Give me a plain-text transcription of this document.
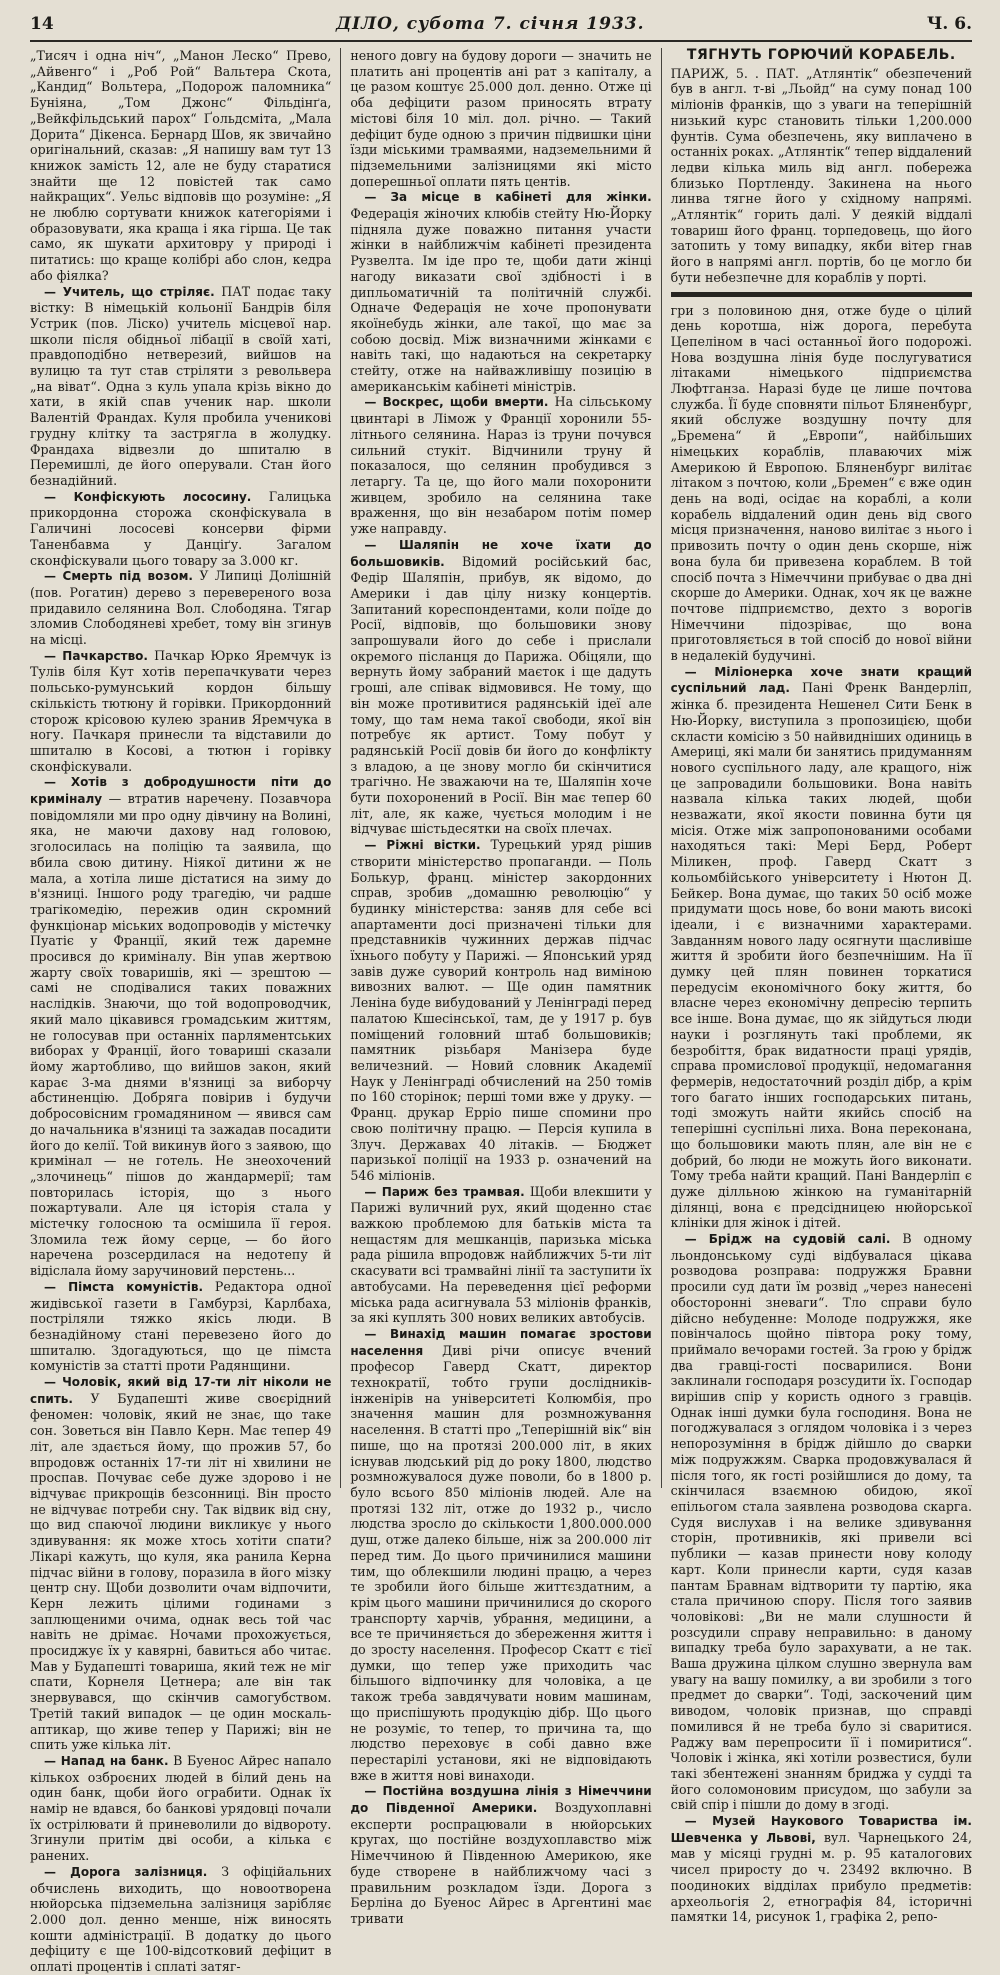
14	ДІЛО, субота 7. січня 1933.	Ч. 6.

„Тисяч і одна ніч“, „Манон Леско“ Прево, „Айвенго“ і „Роб Рой“ Вальтера Скота, „Кандид“ Вольтера, „Подорож паломника“ Буніяна, „Том Джонс“ Фільдінґа, „Вейкфільдський парох“ Ґольдсміта, „Мала Дорита“ Дікенса. Бернард Шов, як звичайно оригінальний, сказав: „Я напишу вам тут 13 книжок замість 12, але не буду старатися знайти ще 12 повістей так само найкращих“. Уельс відповів що розуміне: „Я не люблю сортувати книжок категоріями і образовувати, яка краща і яка гірша. Це так само, як шукати архитовру у природі і питатись: що краще колібрі або слон, кедра або фіялка?

— Учитель, що стріляє. ПАТ подає таку вістку: В німецькій кольонії Бандрів біля Устрик (пов. Ліско) учитель місцевої нар. школи після обідньої лібації в своїй хаті, правдоподібно нетверезий, вийшов на вулицю та тут став стріляти з револьвера „на віват“. Одна з куль упала крізь вікно до хати, в якій спав ученик нар. школи Валентій Франдах. Куля пробила ученикові грудну клітку та застрягла в жолудку. Франдаха відвезли до шпиталю в Перемишлі, де його оперували. Стан його безнадійний.

— Конфіскують лососину. Галицька прикордонна сторожа сконфіскувала в Галичині лососеві консерви фірми Таненбавма у Данціґу. Загалом сконфіскували цього товару за 3.000 кг.

— Смерть під возом. У Липиці Долішній (пов. Рогатин) дерево з перевереного воза придавило селянина Вол. Слободяна. Тягар зломив Слободяневі хребет, тому він згинув на місці.

— Пачкарство. Пачкар Юрко Яремчук із Тулів біля Кут хотів перепачкувати через польсько-румунський кордон більшу скількість тютюну й горівки. Прикордонний сторож крісовою кулею зранив Яремчука в ногу. Пачкаря принесли та відставили до шпиталю в Косові, а тютюн і горівку сконфіскували.

— Хотів з добродушности піти до криміналу — втратив наречену. Позавчора повідомляли ми про одну дівчину на Волині, яка, не маючи дахову над головою, зголосилась на поліцію та заявила, що вбила свою дитину. Ніякої дитини ж не мала, а хотіла лише дістатися на зиму до в'язниці. Іншого роду трагедію, чи радше трагікомедію, пережив один скромний функціонар міських водопроводів у містечку Пуатіє у Франції, який теж даремне просився до криміналу. Він упав жертвою жарту своїх товаришів, які — зрештою — самі не сподівалися таких поважних наслідків. Знаючи, що той водопроводчик, який мало цікавився громадським життям, не голосував при останніх парляментських виборах у Франції, його товариші сказали йому жартобливо, що вийшов закон, який карає 3-ма днями в'язниці за виборчу абстиненцію. Добряга повірив і будучи добросовісним громадянином — явився сам до начальника в'язниці та зажадав посадити його до келії. Той викинув його з заявою, що кримінал — не готель. Не знеохочений „злочинець“ пішов до жандармерії; там повторилась історія, що з нього пожартували. Але ця історія стала у містечку голосною та осмішила її героя. Зломила теж йому серце, — бо його наречена розсердилася на недотепу й відіслала йому заручиновий перстень...

— Пімста комуністів. Редактора одної жидівської газети в Гамбурзі, Карлбаха, постріляли тяжко якісь люди. В безнадійному стані перевезено його до шпиталю. Здогадуються, що це пімста комуністів за статті проти Радянщини.

— Чоловік, який від 17-ти літ ніколи не спить. У Будапешті живе своєрідний феномен: чоловік, який не знає, що таке сон. Зоветься він Павло Керн. Має тепер 49 літ, але здається йому, що прожив 57, бо впродовж останніх 17-ти літ ні хвилини не проспав. Почуває себе дуже здорово і не відчуває прикрощів безсонниці. Він просто не відчуває потреби сну. Так відвик від сну, що вид спаючої людини викликує у нього здивування: як може хтось хотіти спати? Лікарі кажуть, що куля, яка ранила Керна підчас війни в голову, поразила в його мізку центр сну. Щоби дозволити очам відпочити, Керн лежить цілими годинами з заплющеними очима, однак весь той час навіть не дрімає. Ночами прохожується, просиджує їх у кавярні, бавиться або читає. Мав у Будапешті товариша, який теж не міг спати, Корнеля Цетнера; але він так знервувався, що скінчив самогубством. Третій такий випадок — це один москаль-аптикар, що живе тепер у Парижі; він не спить уже кілька літ.

— Напад на банк. В Буенос Айрес напало кількох озброєних людей в білий день на один банк, щоби його ограбити. Однак їх намір не вдався, бо банкові урядовці почали їх острілювати й приневолили до відвороту. Згинули притім дві особи, а кілька є ранених.

— Дорога залізниця. З офіційальних обчислень виходить, що новоотворена нюйорська підземельна залізниця зарібляє 2.000 дол. денно менше, ніж виносять кошти адміністрації. В додатку до цього дефіциту є ще 100-відсотковий дефіцит в оплаті процентів і сплаті затяг-

неного довгу на будову дороги — значить не платить ані процентів ані рат з капіталу, а це разом коштує 25.000 дол. денно. Отже ці оба дефіцити разом приносять втрату містові біля 10 міл. дол. річно. — Такий дефіцит буде одною з причин підвишки ціни їзди міськими трамваями, надземельними й підземельними залізницями які місто доперешньої оплати пять центів.

— За місце в кабінеті для жінки. Федерація жіночих клюбів стейту Ню-Йорку підняла дуже поважно питання участи жінки в найближчім кабінеті президента Рузвелта. Ім іде про те, щоби дати жінці нагоду виказати свої здібності і в дипльоматичній та політичній службі. Одначе Федерація не хоче пропонувати якоїнебудь жінки, але такої, що має за собою досвід. Між визначними жінками є навіть такі, що надаються на секретарку стейту, отже на найважливішу позицію в американськім кабінеті міністрів.

— Воскрес, щоби вмерти. На сільському цвинтарі в Лімож у Франції хоронили 55-літнього селянина. Нараз із труни почувся сильний стукіт. Відчинили труну й показалося, що селянин пробудився з летаргу. Та це, що його мали похоронити живцем, зробило на селянина таке враження, що він незабаром потім помер уже направду.

— Шаляпін не хоче їхати до большовиків. Відомий російський бас, Федір Шаляпін, прибув, як відомо, до Америки і дав цілу низку концертів. Запитаний кореспондентами, коли поїде до Росії, відповів, що большовики знову запрошували його до себе і прислали окремого післанця до Парижа. Обіцяли, що вернуть йому забраний маєток і ще дадуть гроші, але співак відмовився. Не тому, що він може противитися радянській ідеї але тому, що там нема такої свободи, якої він потребує як артист. Тому побут у радянській Росії довів би його до конфлікту з владою, а це знову могло би скінчитися трагічно. Не зважаючи на те, Шаляпін хоче бути похоронений в Росії. Він має тепер 60 літ, але, як каже, чується молодим і не відчуває шістьдесятки на своїх плечах.

— Ріжні вістки. Турецький уряд рішив створити міністерство пропаганди. — Поль Болькур, франц. міністер закордонних справ, зробив „домашню революцію“ у будинку міністерства: заняв для себе всі апартаменти досі призначені тільки для представників чужинних держав підчас їхнього побуту у Парижі. — Японський уряд завів дуже суворий контроль над виміною вивозних валют. — Ще один памятник Леніна буде вибудований у Ленінграді перед палатою Кшесінської, там, де у 1917 р. був поміщений головний штаб большовиків; памятник різьбаря Манізера буде величезний. — Новий словник Академії Наук у Ленінграді обчислений на 250 томів по 160 сторінок; перші томи вже у друку. — Франц. друкар Ерріо пише спомини про свою політичну працю. — Персія купила в Злуч. Державах 40 літаків. — Бюджет паризької поліції на 1933 р. означений на 546 міліонів.

— Париж без трамвая. Щоби влекшити у Парижі вуличний рух, який щоденно стає важкою проблемою для батьків міста та нещастям для мешканців, паризька міська рада рішила впродовж найближчих 5-ти літ скасувати всі трамвайні лінії та заступити їх автобусами. На переведення цієї реформи міська рада асигнувала 53 міліонів франків, за які куплять 300 нових великих автобусів.

— Винахід машин помагає зростови населення Диві річи описує вчений професор Гаверд Скатт, директор технократії, тобто групи дослідників-інженірів на університеті Колюмбія, про значення машин для розмножування населення. В статті про „Теперішній вік“ він пише, що на протязі 200.000 літ, в яких існував людський рід до року 1800, людство розмножувалося дуже поволи, бо в 1800 р. було всього 850 міліонів людей. Але на протязі 132 літ, отже до 1932 р., число людства зросло до скількости 1,800.000.000 душ, отже далеко більше, ніж за 200.000 літ перед тим. До цього причинилися машини тим, що облекшили людині працю, а через те зробили його більше життєздатним, а крім цього машини причинилися до скорого транспорту харчів, убрання, медицини, а все те причиняється до збереження життя і до зросту населення. Професор Скатт є тієї думки, що тепер уже приходить час більшого відпочинку для чоловіка, а це також треба завдячувати новим машинам, що приспішують продукцію дібр. Що цього не розуміє, то тепер, то причина та, що людство переховує в собі давно вже перестарілі установи, які не відповідають вже в життя нові винаходи.

— Постійна воздушна лінія з Німеччини до Південної Америки. Воздухоплавні експерти роспрацювали в нюйорських кругах, що постійне воздухоплавство між Німеччиною й Південною Америкою, яке буде створене в найближчому часі з правильним розкладом їзди. Дорога з Берліна до Буенос Айрес в Аргентині має тривати

ТЯГНУТЬ ГОРЮЧИЙ КОРАБЕЛЬ.

ПАРИЖ, 5. . ПАТ. „Атлянтік“ обезпечений був в англ. т-ві „Льойд“ на суму понад 100 міліонів франків, що з уваги на теперішній низький курс становить тільки 1,200.000 фунтів. Сума обезпечень, яку виплачено в останніх роках. „Атлянтік“ тепер віддалений ледви кілька миль від англ. побережа близько Портленду. Закинена на нього линва тягне його у східному напрямі. „Атлянтік“ горить далі. У деякій віддалі товариш його франц. торпедовець, що його затопить у тому випадку, якби вітер гнав його в напрямі англ. портів, бо це могло би бути небезпечне для кораблів у порті.

гри з половиною дня, отже буде о цілий день коротша, ніж дорога, перебута Цепеліном в часі останньої його подорожі. Нова воздушна лінія буде послугуватися літаками німецького підприємства Люфтганза. Наразі буде це лише почтова служба. Її буде сповняти пільот Бляненбург, який обслуже воздушну почту для „Бремена“ й „Европи“, найбільших німецьких кораблів, плаваючих між Америкою й Европою. Бляненбург вилітає літаком з почтою, коли „Бремен“ є вже один день на воді, осідає на кораблі, а коли корабель віддалений один день від свого місця призначення, наново вилітає з нього і привозить почту о один день скорше, ніж вона була би привезена кораблем. В той спосіб почта з Німеччини прибуває о два дні скорше до Америки. Однак, хоч як це важне почтове підприємство, дехто з ворогів Німеччини підозріває, що вона приготовляється в той спосіб до нової війни в недалекій будучині.

— Міліонерка хоче знати кращий суспільний лад. Пані Френк Вандерліп, жінка б. президента Нешенел Сити Бенк в Ню-Йорку, виступила з пропозицією, щоби скласти комісію з 50 найвидніших одиниць в Америці, які мали би занятись придуманням нового суспільного ладу, але кращого, ніж це запровадили большовики. Вона навіть назвала кілька таких людей, щоби незважати, якої якости повинна бути ця місія. Отже між запропонованими особами находяться такі: Мері Берд, Роберт Міликен, проф. Гаверд Скатт з кольомбійського університету і Нютон Д. Бейкер. Вона думає, що таких 50 осіб може придумати щось нове, бо вони мають високі ідеали, і є визначними характерами. Завданням нового ладу осягнути щасливіше життя й зробити його безпечнішим. На її думку цей плян повинен торкатися передусім економічного боку життя, бо власне через економічну депресію терпить все інше. Вона думає, що як зійдуться люди науки і розглянуть такі проблеми, як безробіття, брак видатности праці урядів, справа промислової продукції, недомагання фермерів, недостаточний розділ дібр, а крім того багато інших господарських питань, тоді зможуть найти якийсь спосіб на теперішні суспільні лиха. Вона переконана, що большовики мають плян, але він не є добрий, бо люди не можуть його виконати. Тому треба найти кращий. Пані Вандерліп є дуже ділльною жінкою на гуманітарній ділянці, вона є предсідницею нюйорської клініки для жінок і дітей.

— Брідж на судовій салі. В одному льондонському суді відбувалася цікава розводова розправа: подружжя Бравни просили суд дати їм розвід „через нанесені обосторонні зневаги“. Тло справи було дійсно небуденне: Молоде подружжя, яке повінчалось щойно півтора року тому, приймало вечорами гостей. За грою у брідж два гравці-гості посварилися. Вони заклинали господаря розсудити їх. Господар вирішив спір у користь одного з гравців. Однак інші думки була господиня. Вона не погоджувалася з оглядом чоловіка і з через непорозуміння в брідж дійшло до сварки між подружжям. Сварка продовжувалася й після того, як гості розійшлися до дому, та скінчилася взаємною обидою, якої епільогом стала заявлена розводова скарга. Судя вислухав і на велике здивування сторін, противників, які привели всі публики — казав принести нову колоду карт. Коли принесли карти, судя казав пантам Бравнам відтворити ту партію, яка стала причиною спору. Після того заявив чоловікові: „Ви не мали слушности й розсудили справу неправильно: в даному випадку треба було зарахувати, а не так. Ваша дружина цілком слушно звернула вам увагу на вашу помилку, а ви зробили з того предмет до сварки“. Тоді, заскочений цим виводом, чоловік признав, що справді помилився й не треба було зі сваритися. Раджу вам перепросити її і помиритися“. Чоловік і жінка, які хотіли розвестися, були такі збентежені знанням бриджа у судді та його соломоновим присудом, що забули за свій спір і пішли до дому в згоді.

— Музей Наукового Товариства ім. Шевченка у Львові, вул. Чарнецького 24, мав у місяці грудні м. р. 95 каталогових чисел приросту до ч. 23492 включно. В поодиноких відділах прибуло предметів: археольогія 2, етнографія 84, історичні памятки 14, рисунок 1, графіка 2, репо-
